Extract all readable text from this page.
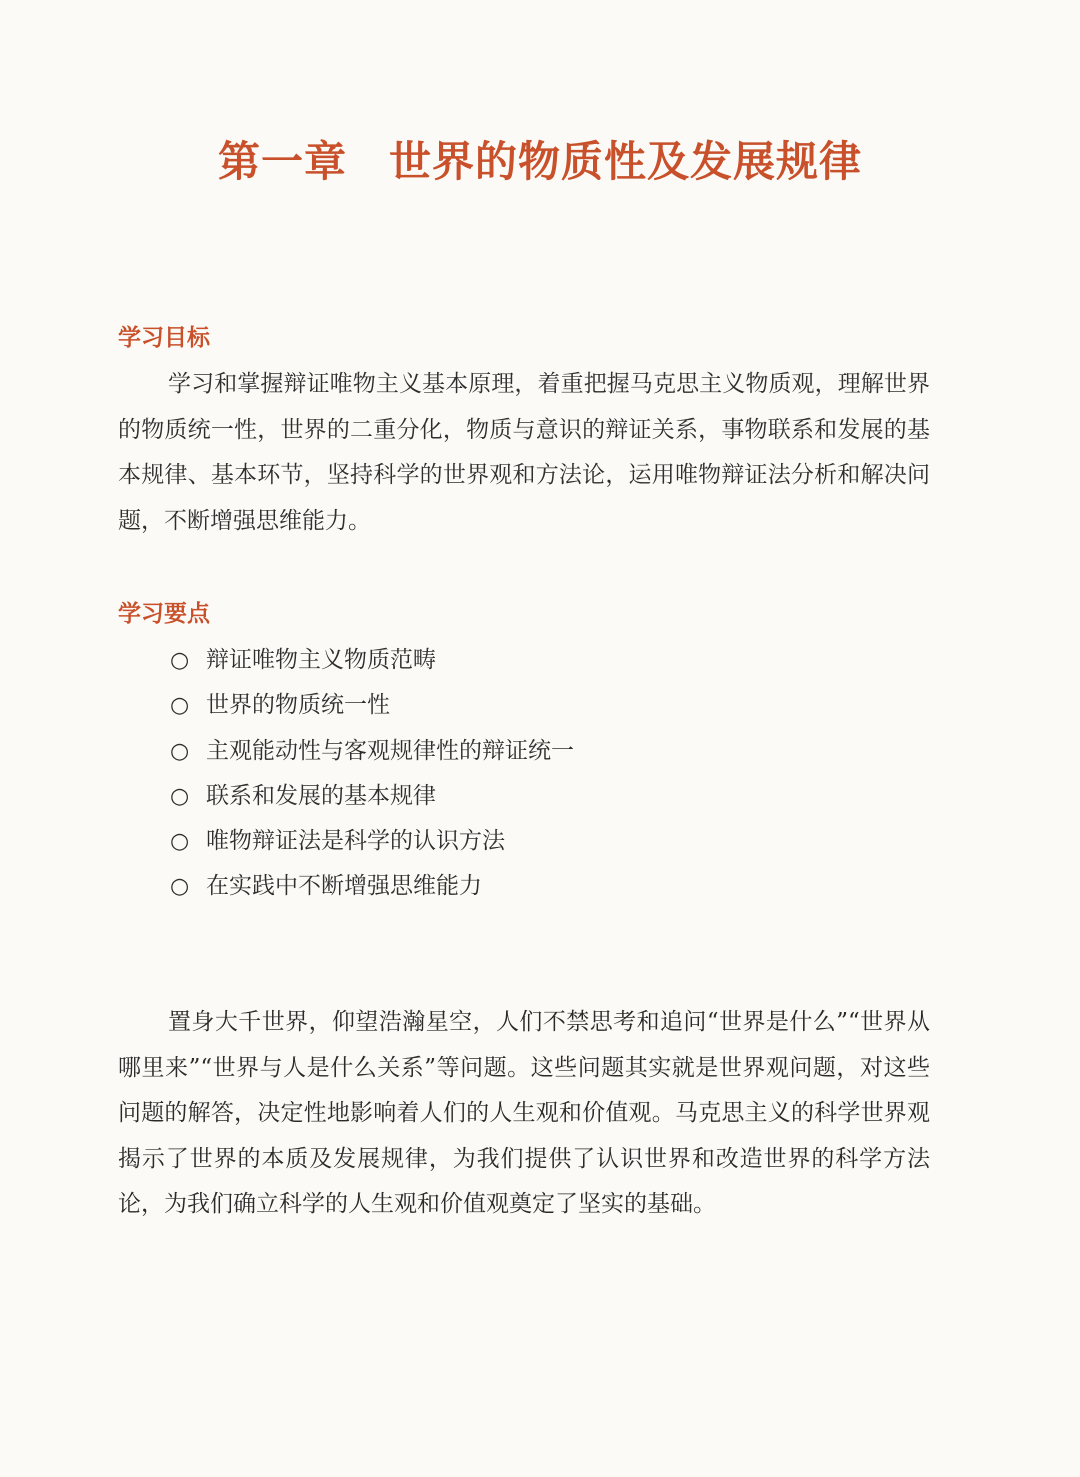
第一章 世界的物质性及发展规律
学习目标

学习和掌握辩证唯物主义基本原理，着重把握马克思主义物质观，理解世界的物质统一性，世界的二重分化，物质与意识的辩证关系，事物联系和发展的基本规律、基本环节，坚持科学的世界观和方法论，运用唯物辩证法分析和解决问题，不断增强思维能力。

学习要点
○ 辩证唯物主义物质范畴
○ 世界的物质统一性
○ 主观能动性与客观规律性的辩证统一
○ 联系和发展的基本规律
○ 唯物辩证法是科学的认识方法
○ 在实践中不断增强思维能力

置身大千世界，仰望浩瀚星空，人们不禁思考和追问“世界是什么”“世界从哪里来”“世界与人是什么关系”等问题。这些问题其实就是世界观问题，对这些问题的解答，决定性地影响着人们的人生观和价值观。马克思主义的科学世界观揭示了世界的本质及发展规律，为我们提供了认识世界和改造世界的科学方法论，为我们确立科学的人生观和价值观奠定了坚实的基础。
